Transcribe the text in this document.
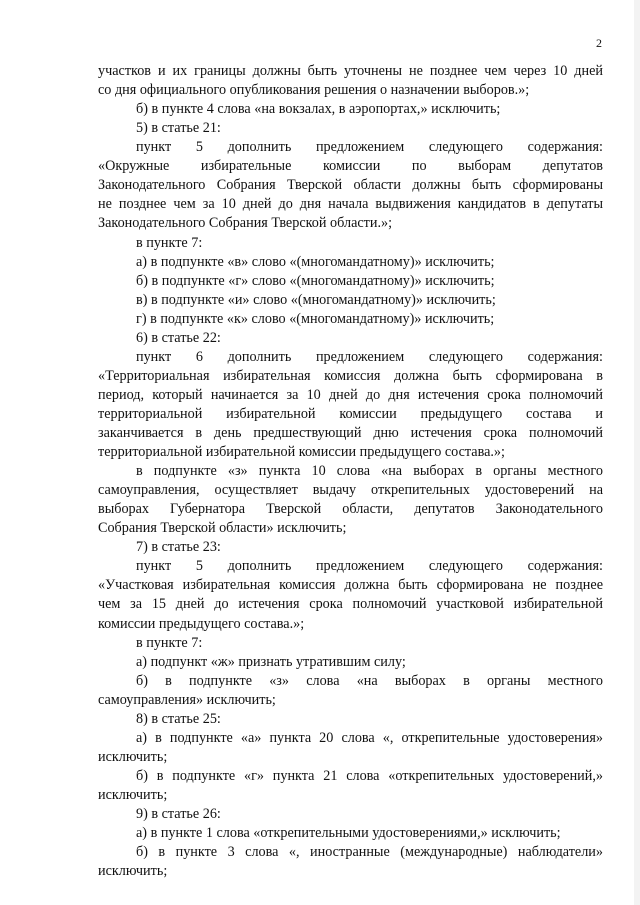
2
участков и их границы должны быть уточнены не позднее чем через 10 дней
со дня официального опубликования решения о назначении выборов.»;
б) в пункте 4 слова «на вокзалах, в аэропортах,» исключить;
5) в статье 21:
пункт 5 дополнить предложением следующего содержания:
«Окружные избирательные комиссии по выборам депутатов
Законодательного Собрания Тверской области должны быть сформированы
не позднее чем за 10 дней до дня начала выдвижения кандидатов в депутаты
Законодательного Собрания Тверской области.»;
в пункте 7:
а) в подпункте «в» слово «(многомандатному)» исключить;
б) в подпункте «г» слово «(многомандатному)» исключить;
в) в подпункте «и» слово «(многомандатному)» исключить;
г) в подпункте «к» слово «(многомандатному)» исключить;
6) в статье 22:
пункт 6 дополнить предложением следующего содержания:
«Территориальная избирательная комиссия должна быть сформирована в
период, который начинается за 10 дней до дня истечения срока полномочий
территориальной избирательной комиссии предыдущего состава и
заканчивается в день предшествующий дню истечения срока полномочий
территориальной избирательной комиссии предыдущего состава.»;
в подпункте «з» пункта 10 слова «на выборах в органы местного
самоуправления, осуществляет выдачу открепительных удостоверений на
выборах Губернатора Тверской области, депутатов Законодательного
Собрания Тверской области» исключить;
7) в статье 23:
пункт 5 дополнить предложением следующего содержания:
«Участковая избирательная комиссия должна быть сформирована не позднее
чем за 15 дней до истечения срока полномочий участковой избирательной
комиссии предыдущего состава.»;
в пункте 7:
а) подпункт «ж» признать утратившим силу;
б) в подпункте «з» слова «на выборах в органы местного
самоуправления» исключить;
8) в статье 25:
а) в подпункте «а» пункта 20 слова «, открепительные удостоверения»
исключить;
б) в подпункте «г» пункта 21 слова «открепительных удостоверений,»
исключить;
9) в статье 26:
а) в пункте 1 слова «открепительными удостоверениями,» исключить;
б) в пункте 3 слова «, иностранные (международные) наблюдатели»
исключить;
